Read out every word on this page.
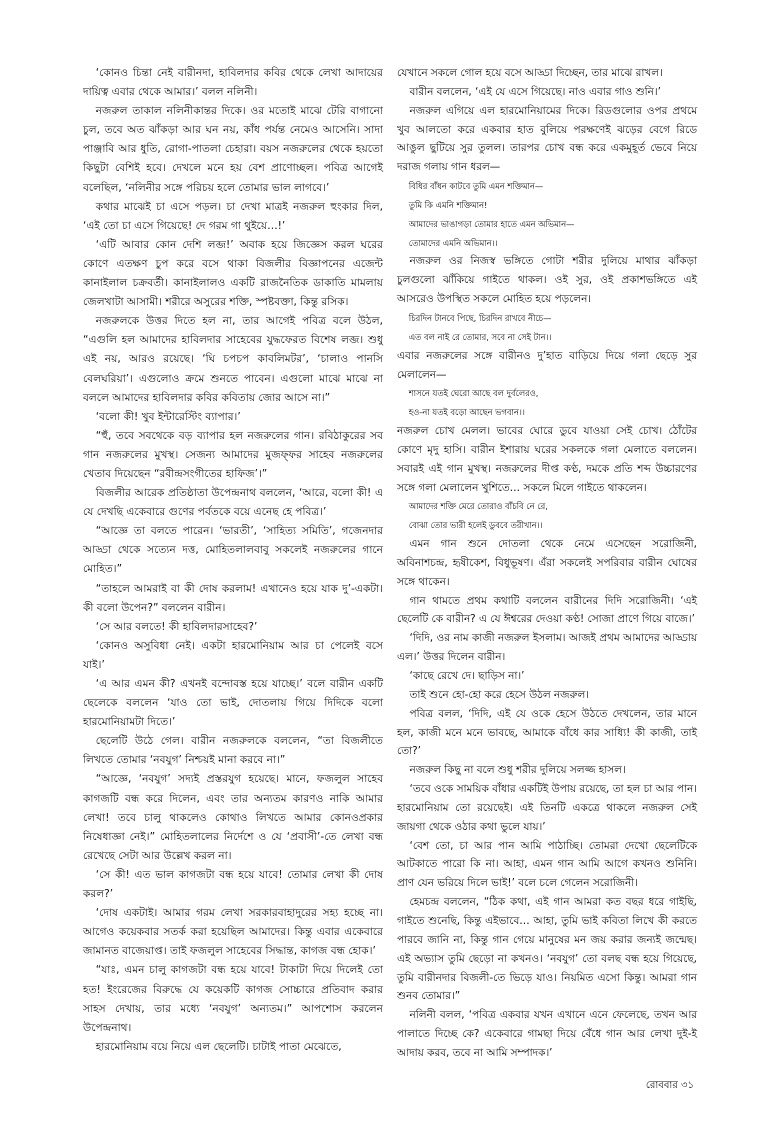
‘কোনও চিন্তা নেই বারীনদা, হাবিলদার কবির থেকে লেখা আদায়ের দায়িত্ব এবার থেকে আমার।’ বলল নলিনী।

নজরুল তাকাল নলিনীকান্তর দিকে। ওর মতোই মাঝে টেরি বাগানো চুল, তবে অত ঝাঁকড়া আর ঘন নয়, কাঁধ পর্যন্ত নেমেও আসেনি। সাদা পাঞ্জাবি আর ধুতি, রোগা-পাতলা চেহারা। বয়স নজরুলের থেকে হয়তো কিছুটা বেশিই হবে। দেখলে মনে হয় বেশ প্রাণোচ্ছল। পবিত্র আগেই বলেছিল, ‘নলিনীর সঙ্গে পরিচয় হলে তোমার ভাল লাগবে।’

কথার মাঝেই চা এসে পড়ল। চা দেখা মাত্রই নজরুল হুংকার দিল, ‘এই তো চা এসে গিয়েছে! দে গরম গা থুইয়ে…!’

‘এটি আবার কোন দেশি লব্জ!’ অবাক হয়ে জিজ্ঞেস করল ঘরের কোণে এতক্ষণ চুপ করে বসে থাকা বিজলীর বিজ্ঞাপনের এজেন্ট কানাইলাল চক্রবর্তী। কানাইলালও একটি রাজনৈতিক ডাকাতি মামলায় জেলখাটা আসামী। শরীরে অসুরের শক্তি, স্পষ্টবক্তা, কিন্তু রসিক।

নজরুলকে উত্তর দিতে হল না, তার আগেই পবিত্র বলে উঠল, “এগুলি হল আমাদের হাবিলদার সাহেবের যুদ্ধফেরত বিশেষ লব্জ। শুধু এই নয়, আরও রয়েছে। ‘ঘি চপচপ কাবলিমটর’, ‘চালাও পানসি বেলঘরিয়া’। এগুলোও ক্রমে শুনতে পাবেন। এগুলো মাঝে মাঝে না বললে আমাদের হাবিলদার কবির কবিতায় জোর আসে না।”

‘বলো কী! খুব ইন্টারেস্টিং ব্যাপার।’

“হুঁ, তবে সবথেকে বড় ব্যাপার হল নজরুলের গান। রবিঠাকুরের সব গান নজরুলের মুখস্থ। সেজন্য আমাদের মুজফ্ফর সাহেব নজরুলের খেতাব দিয়েছেন “রবীন্দ্রসংগীতের হাফিজ’।”

বিজলীর আরেক প্রতিষ্ঠাতা উপেন্দ্রনাথ বললেন, ‘আরে, বলো কী! এ যে দেখছি একেবারে গুণের পর্বতকে বয়ে এনেছ হে পবিত্র।’

“আজ্ঞে তা বলতে পারেন। ‘ভারতী’, ‘সাহিত্য সমিতি’, গজেনদার আড্ডা থেকে সত্যেন দত্ত, মোহিতলালবাবু সকলেই নজরুলের গানে মোহিত।”

“তাহলে আমরাই বা কী দোষ করলাম! এখানেও হয়ে যাক দু’-একটা। কী বলো উপেন?” বললেন বারীন।

‘সে আর বলতে! কী হাবিলদারসাহেব?’

‘কোনও অসুবিধা নেই। একটা হারমোনিয়াম আর চা পেলেই বসে যাই।’

‘এ আর এমন কী? এখনই বন্দোবস্ত হয়ে যাচ্ছে।’ বলে বারীন একটি ছেলেকে বললেন ‘যাও তো ভাই, দোতলায় গিয়ে দিদিকে বলো হারমোনিয়ামটা দিতে।’

ছেলেটি উঠে গেল। বারীন নজরুলকে বললেন, “তা বিজলীতে লিখতে তোমার ‘নবযুগ’ নিশ্চয়ই মানা করবে না।”

“আজ্ঞে, ‘নবযুগ’ সদ্যই প্রস্তরযুগ হয়েছে। মানে, ফজলুল সাহেব কাগজটি বন্ধ করে দিলেন, এবং তার অন্যতম কারণও নাকি আমার লেখা! তবে চালু থাকলেও কোথাও লিখতে আমার কোনওপ্রকার নিষেধাজ্ঞা নেই।” মোহিতলালের নির্দেশে ও যে ‘প্রবাসী’-তে লেখা বন্ধ রেখেছে সেটা আর উল্লেখ করল না।

‘সে কী! এত ভাল কাগজটা বন্ধ হয়ে যাবে! তোমার লেখা কী দোষ করল?’

‘দোষ একটাই। আমার গরম লেখা সরকারবাহাদুরের সহ্য হচ্ছে না। আগেও কয়েকবার সতর্ক করা হয়েছিল আমাদের। কিন্তু এবার একেবারে জামানত বাজেয়াপ্ত। তাই ফজলুল সাহেবের সিদ্ধান্ত, কাগজ বন্ধ হোক।’

“যাঃ, এমন চালু কাগজটা বন্ধ হয়ে যাবে! টাকাটা দিয়ে দিলেই তো হত! ইংরেজের বিরুদ্ধে যে কয়েকটি কাগজ সোচ্চারে প্রতিবাদ করার সাহস দেখায়, তার মধ্যে ‘নবযুগ’ অন্যতম।” আপশোস করলেন উপেন্দ্রনাথ।

হারমোনিয়াম বয়ে নিয়ে এল ছেলেটি। চাটাই পাতা মেঝেতে,

যেখানে সকলে গোল হয়ে বসে আড্ডা দিচ্ছেন, তার মাঝে রাখল।

বারীন বললেন, ‘এই যে এসে গিয়েছে। নাও এবার গাও শুনি।’

নজরুল এগিয়ে এল হারমোনিয়ামের দিকে। রিডগুলোর ওপর প্রথমে খুব আলতো করে একবার হাত বুলিয়ে পরক্ষণেই ঝড়ের বেগে রিডে আঙুল ছুটিয়ে সুর তুলল। তারপর চোখ বন্ধ করে একমুহূর্ত ভেবে নিয়ে দরাজ গলায় গান ধরল—

বিধির বাঁধন কাটবে তুমি এমন শক্তিমান—
তুমি কি এমনি শক্তিমান!
আমাদের ভাঙাগড়া তোমার হাতে এমন অভিমান—
তোমাদের এমনি অভিমান।।

নজরুল ওর নিজস্ব ভঙ্গিতে গোটা শরীর দুলিয়ে মাথার ঝাঁকড়া চুলগুলো ঝাঁকিয়ে গাইতে থাকল। ওই সুর, ওই প্রকাশভঙ্গিতে এই আসরেও উপস্থিত সকলে মোহিত হয়ে পড়লেন।

চিরদিন টানবে পিছে, চিরদিন রাখবে নীচে—
এত বল নাই রে তোমার, সবে না সেই টান।।

এবার নজরুলের সঙ্গে বারীনও দু’হাত বাড়িয়ে দিয়ে গলা ছেড়ে সুর মেলালেন—

শাসনে যতই ঘেরো আছে বল দুর্বলেরও,
হও-না যতই বড়ো আছেন ভগবান।।

নজরুল চোখ মেলল। ভাবের ঘোরে ডুবে যাওয়া সেই চোখ। ঠোঁটের কোণে মৃদু হাসি। বারীন ইশারায় ঘরের সকলকে গলা মেলাতে বললেন। সবারই এই গান মুখস্থ। নজরুলের দীপ্ত কণ্ঠ, দমকে প্রতি শব্দ উচ্চারণের সঙ্গে গলা মেলালেন খুশিতে… সকলে মিলে গাইতে থাকলেন।

আমাদের শক্তি মেরে তোরাও বাঁচবি নে রে,
বোঝা তোর ভারী হলেই ডুববে তরীখান।।

এমন গান শুনে দোতলা থেকে নেমে এসেছেন সরোজিনী, অবিনাশচন্দ্র, হৃষীকেশ, বিধুভূষণ। এঁরা সকলেই সপরিবার বারীন ঘোষের সঙ্গে থাকেন।

গান থামতে প্রথম কথাটি বললেন বারীনের দিদি সরোজিনী। ‘এই ছেলেটি কে বারীন? এ যে ঈশ্বরের দেওয়া কণ্ঠ! সোজা প্রাণে গিয়ে বাজে।’

‘দিদি, ওর নাম কাজী নজরুল ইসলাম। আজই প্রথম আমাদের আড্ডায় এল।’ উত্তর দিলেন বারীন।

‘কাছে রেখে দে। ছাড়িস না।’

তাই শুনে হো-হো করে হেসে উঠল নজরুল।

পবিত্র বলল, ‘দিদি, এই যে ওকে হেসে উঠতে দেখলেন, তার মানে হল, কাজী মনে মনে ভাবছে, আমাকে বাঁধে কার সাধ্যি! কী কাজী, তাই তো?’

নজরুল কিছু না বলে শুধু শরীর দুলিয়ে সলজ্জ হাসল।

‘তবে ওকে সাময়িক বাঁধার একটিই উপায় রয়েছে, তা হল চা আর পান। হারমোনিয়াম তো রয়েছেই। এই তিনটি একত্রে থাকলে নজরুল সেই জায়গা থেকে ওঠার কথা ভুলে যায়।’

‘বেশ তো, চা আর পান আমি পাঠাচ্ছি। তোমরা দেখো ছেলেটিকে আটকাতে পারো কি না। আহা, এমন গান আমি আগে কখনও শুনিনি। প্রাণ যেন ভরিয়ে দিলে ভাই!’ বলে চলে গেলেন সরোজিনী।

হেমচন্দ্র বললেন, “ঠিক কথা, এই গান আমরা কত বছর ধরে গাইছি, গাইতে শুনেছি, কিন্তু এইভাবে… আহা, তুমি ভাই কবিতা লিখে কী করতে পারবে জানি না, কিন্তু গান গেয়ে মানুষের মন জয় করার জন্যই জন্মেছ। এই অভ্যাস তুমি ছেড়ো না কখনও। ‘নবযুগ’ তো বলছ বন্ধ হয়ে গিয়েছে, তুমি বারীনদার বিজলী-তে ভিড়ে যাও। নিয়মিত এসো কিন্তু। আমরা গান শুনব তোমার।”

নলিনী বলল, ‘পবিত্র একবার যখন এখানে এনে ফেলেছে, তখন আর পালাতে দিচ্ছে কে? একেবারে গামছা দিয়ে বেঁধে গান আর লেখা দুই-ই আদায় করব, তবে না আমি সম্পাদক।’

রোববার ৩১
